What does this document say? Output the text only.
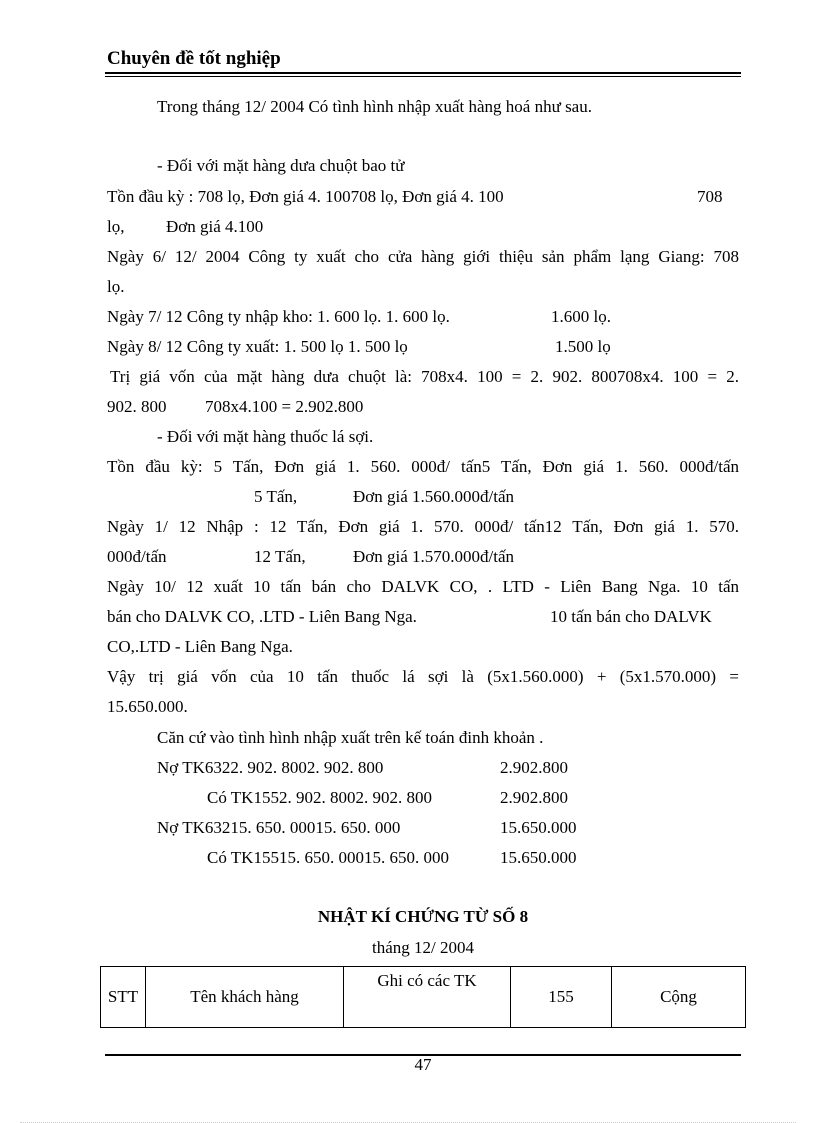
Chuyên đề tốt nghiệp
Trong tháng 12/ 2004 Có tình hình nhập xuất hàng hoá như sau.
- Đối với mặt hàng dưa chuột bao tử
Tồn đầu kỳ : 708 lọ, Đơn giá 4. 100708 lọ, Đơn giá 4. 100	708
lọ, Đơn giá 4.100
Ngày 6/ 12/ 2004 Công ty xuất cho cửa hàng giới thiệu sản phẩm lạng Giang: 708
lọ.
Ngày 7/ 12 Công ty nhập kho: 1. 600 lọ. 1. 600 lọ.	1.600 lọ.
Ngày 8/ 12 Công ty xuất: 1. 500 lọ 1. 500 lọ	1.500 lọ
Trị giá vốn của mặt hàng dưa chuột là: 708x4. 100 = 2. 902. 800708x4. 100 = 2.
902. 800 708x4.100 = 2.902.800
- Đối với mặt hàng thuốc lá sợi.
Tồn đầu kỳ: 5 Tấn, Đơn giá 1. 560. 000đ/ tấn5 Tấn, Đơn giá 1. 560. 000đ/tấn
5 Tấn,	Đơn giá 1.560.000đ/tấn
Ngày 1/ 12 Nhập : 12 Tấn, Đơn giá 1. 570. 000đ/ tấn12 Tấn, Đơn giá 1. 570.
000đ/tấn	12 Tấn,	Đơn giá 1.570.000đ/tấn
Ngày 10/ 12 xuất 10 tấn bán cho DALVK CO, . LTD - Liên Bang Nga. 10 tấn
bán cho DALVK CO, .LTD - Liên Bang Nga.	10 tấn bán cho DALVK
CO,.LTD - Liên Bang Nga.
Vậy trị giá vốn của 10 tấn thuốc lá sợi là (5x1.560.000) + (5x1.570.000) =
15.650.000.
Căn cứ vào tình hình nhập xuất trên kế toán đinh khoản .
Nợ TK6322. 902. 8002. 902. 800	2.902.800
Có TK1552. 902. 8002. 902. 800	2.902.800
Nợ TK63215. 650. 00015. 650. 000	15.650.000
Có TK15515. 650. 00015. 650. 000	15.650.000
NHẬT KÍ CHỨNG TỪ SỐ 8
tháng 12/ 2004
STT	Tên khách hàng	Ghi có các TK	155	Cộng
47
